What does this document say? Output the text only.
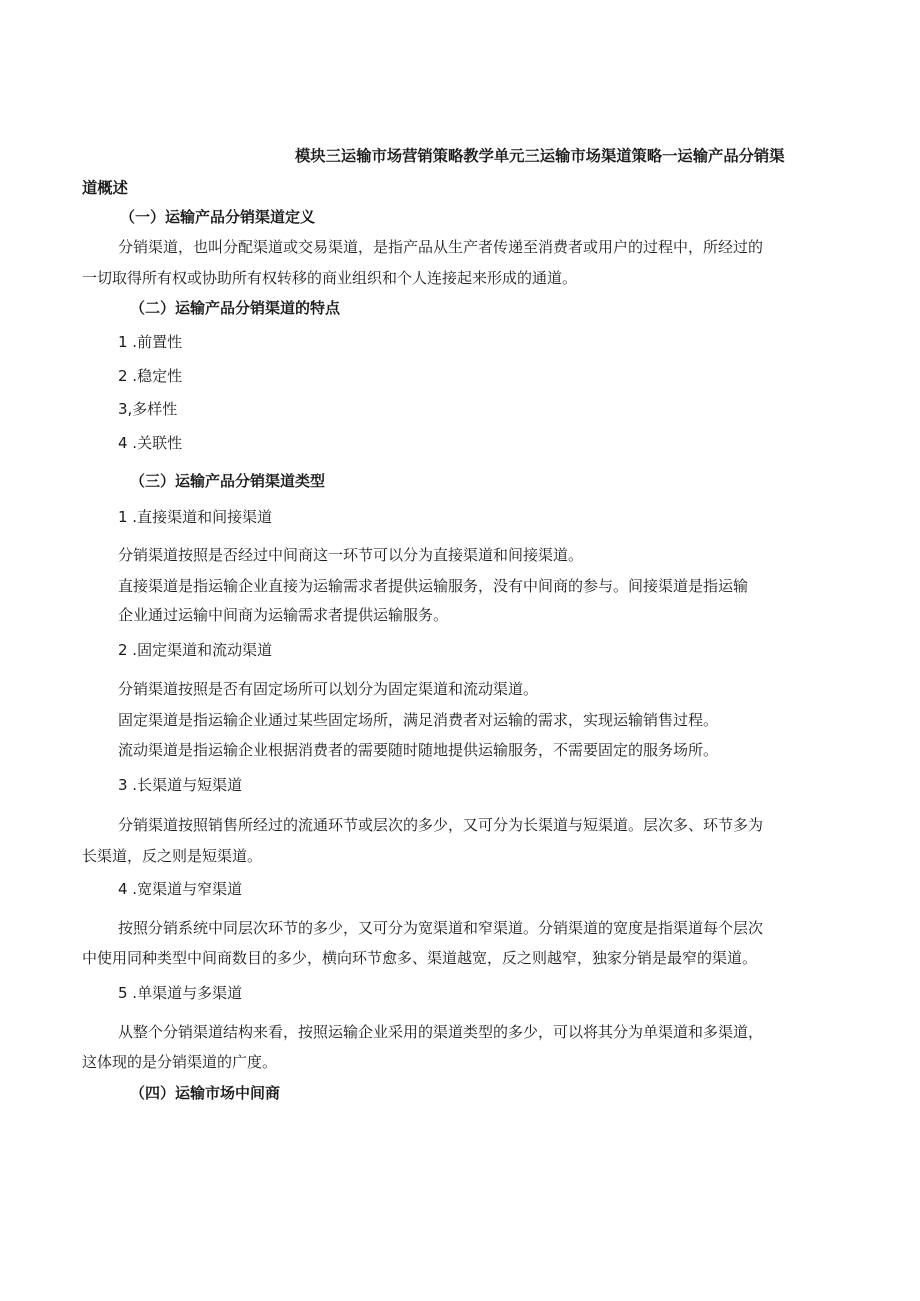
模块三运输市场营销策略教学单元三运输市场渠道策略一运输产品分销渠

道概述

（一）运输产品分销渠道定义

分销渠道，也叫分配渠道或交易渠道，是指产品从生产者传递至消费者或用户的过程中，所经过的

一切取得所有权或协助所有权转移的商业组织和个人连接起来形成的通道。

（二）运输产品分销渠道的特点

1 .前置性

2 .稳定性

3,多样性

4 .关联性

（三）运输产品分销渠道类型

1 .直接渠道和间接渠道

分销渠道按照是否经过中间商这一环节可以分为直接渠道和间接渠道。

直接渠道是指运输企业直接为运输需求者提供运输服务，没有中间商的参与。间接渠道是指运输

企业通过运输中间商为运输需求者提供运输服务。

2 .固定渠道和流动渠道

分销渠道按照是否有固定场所可以划分为固定渠道和流动渠道。

固定渠道是指运输企业通过某些固定场所，满足消费者对运输的需求，实现运输销售过程。

流动渠道是指运输企业根据消费者的需要随时随地提供运输服务，不需要固定的服务场所。

3 .长渠道与短渠道

分销渠道按照销售所经过的流通环节或层次的多少，又可分为长渠道与短渠道。层次多、环节多为

长渠道，反之则是短渠道。

4 .宽渠道与窄渠道

按照分销系统中同层次环节的多少，又可分为宽渠道和窄渠道。分销渠道的宽度是指渠道每个层次

中使用同种类型中间商数目的多少，横向环节愈多、渠道越宽，反之则越窄，独家分销是最窄的渠道。

5 .单渠道与多渠道

从整个分销渠道结构来看，按照运输企业采用的渠道类型的多少，可以将其分为单渠道和多渠道，

这体现的是分销渠道的广度。

（四）运输市场中间商
